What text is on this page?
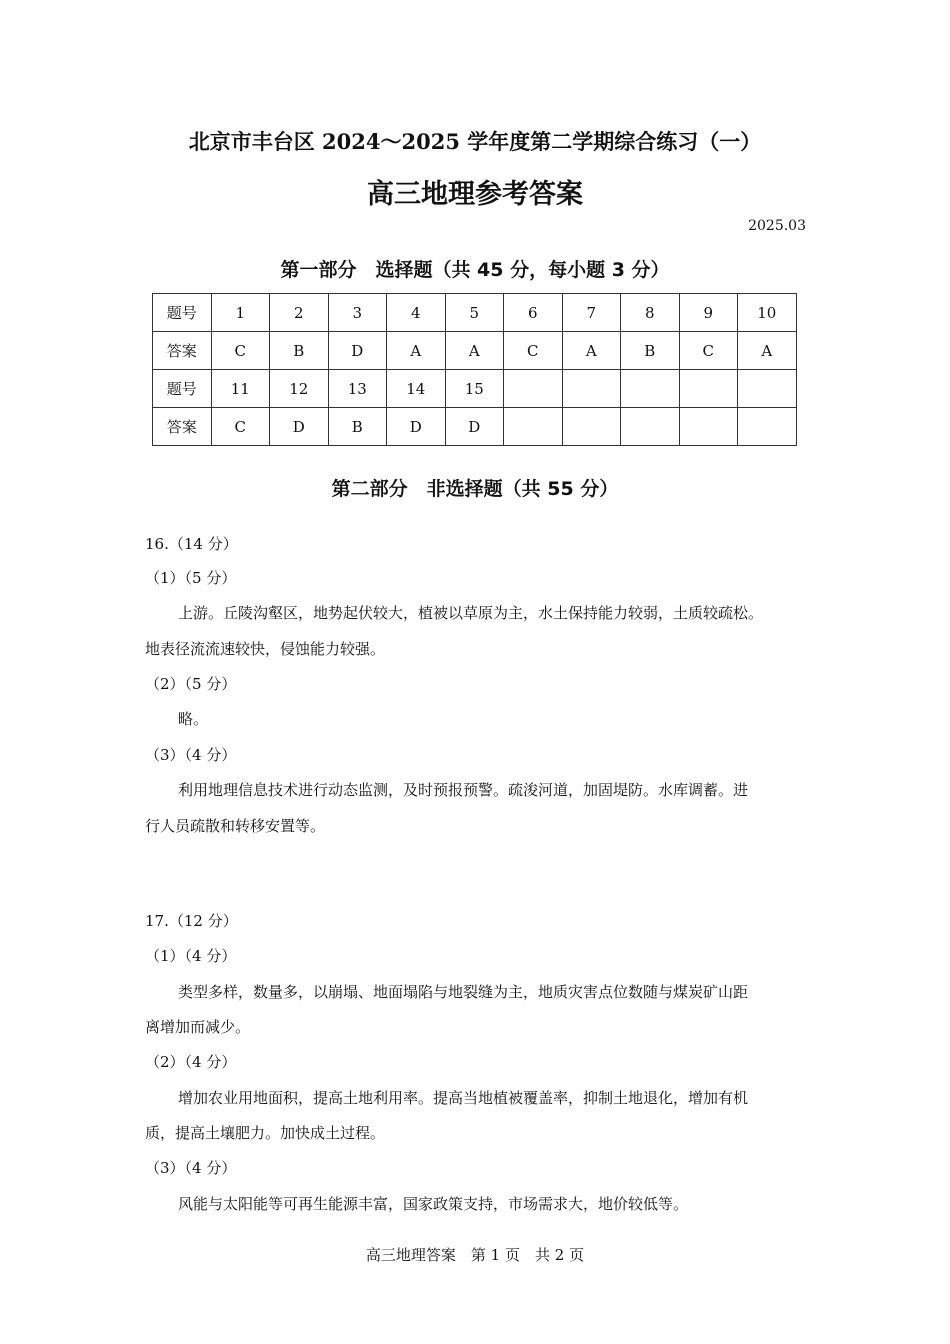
北京市丰台区 2024～2025 学年度第二学期综合练习（一）
高三地理参考答案
2025.03
第一部分　选择题（共 45 分，每小题 3 分）
题号	1	2	3	4	5	6	7	8	9	10
答案	C	B	D	A	A	C	A	B	C	A
题号	11	12	13	14	15					
答案	C	D	B	D	D					
第二部分　非选择题（共 55 分）
16.（14 分）
（1）（5 分）
上游。丘陵沟壑区，地势起伏较大，植被以草原为主，水土保持能力较弱，土质较疏松。
地表径流流速较快，侵蚀能力较强。
（2）（5 分）
略。
（3）（4 分）
利用地理信息技术进行动态监测，及时预报预警。疏浚河道，加固堤防。水库调蓄。进
行人员疏散和转移安置等。
17.（12 分）
（1）（4 分）
类型多样，数量多，以崩塌、地面塌陷与地裂缝为主，地质灾害点位数随与煤炭矿山距
离增加而减少。
（2）（4 分）
增加农业用地面积，提高土地利用率。提高当地植被覆盖率，抑制土地退化，增加有机
质，提高土壤肥力。加快成土过程。
（3）（4 分）
风能与太阳能等可再生能源丰富，国家政策支持，市场需求大，地价较低等。
高三地理答案　第 1 页　共 2 页
